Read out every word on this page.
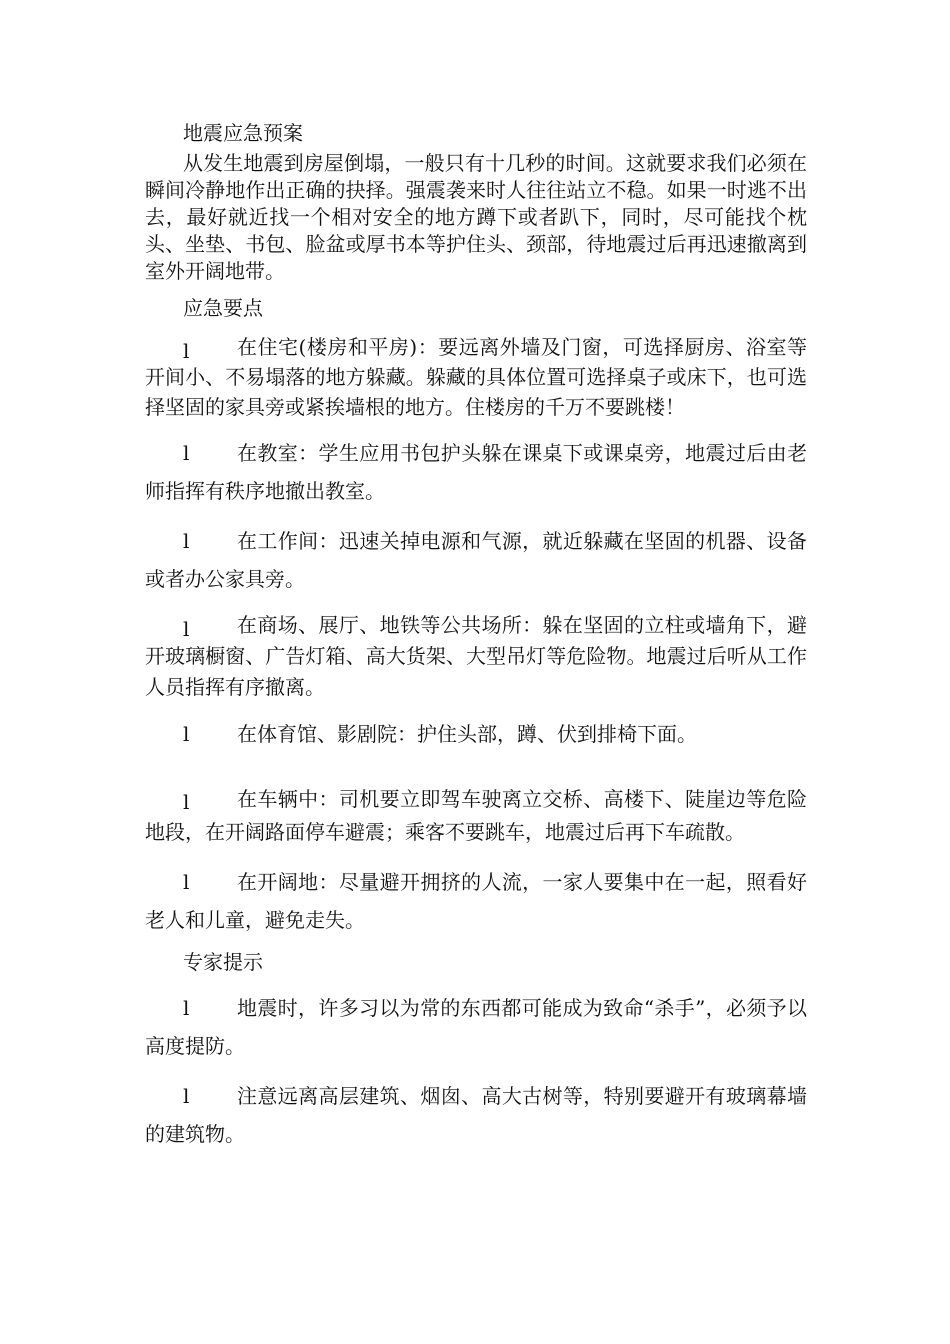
地震应急预案

从发生地震到房屋倒塌，一般只有十几秒的时间。这就要求我们必须在瞬间冷静地作出正确的抉择。强震袭来时人往往站立不稳。如果一时逃不出去，最好就近找一个相对安全的地方蹲下或者趴下，同时，尽可能找个枕头、坐垫、书包、脸盆或厚书本等护住头、颈部，待地震过后再迅速撤离到室外开阔地带。

应急要点

l	在住宅(楼房和平房)：要远离外墙及门窗，可选择厨房、浴室等开间小、不易塌落的地方躲藏。躲藏的具体位置可选择桌子或床下，也可选择坚固的家具旁或紧挨墙根的地方。住楼房的千万不要跳楼！
l	在教室：学生应用书包护头躲在课桌下或课桌旁，地震过后由老师指挥有秩序地撤出教室。
l	在工作间：迅速关掉电源和气源，就近躲藏在坚固的机器、设备或者办公家具旁。
l	在商场、展厅、地铁等公共场所：躲在坚固的立柱或墙角下，避开玻璃橱窗、广告灯箱、高大货架、大型吊灯等危险物。地震过后听从工作人员指挥有序撤离。
l	在体育馆、影剧院：护住头部，蹲、伏到排椅下面。
l	在车辆中：司机要立即驾车驶离立交桥、高楼下、陡崖边等危险地段，在开阔路面停车避震；乘客不要跳车，地震过后再下车疏散。
l	在开阔地：尽量避开拥挤的人流，一家人要集中在一起，照看好老人和儿童，避免走失。

专家提示

l	地震时，许多习以为常的东西都可能成为致命“杀手”，必须予以高度提防。
l	注意远离高层建筑、烟囱、高大古树等，特别要避开有玻璃幕墙的建筑物。
